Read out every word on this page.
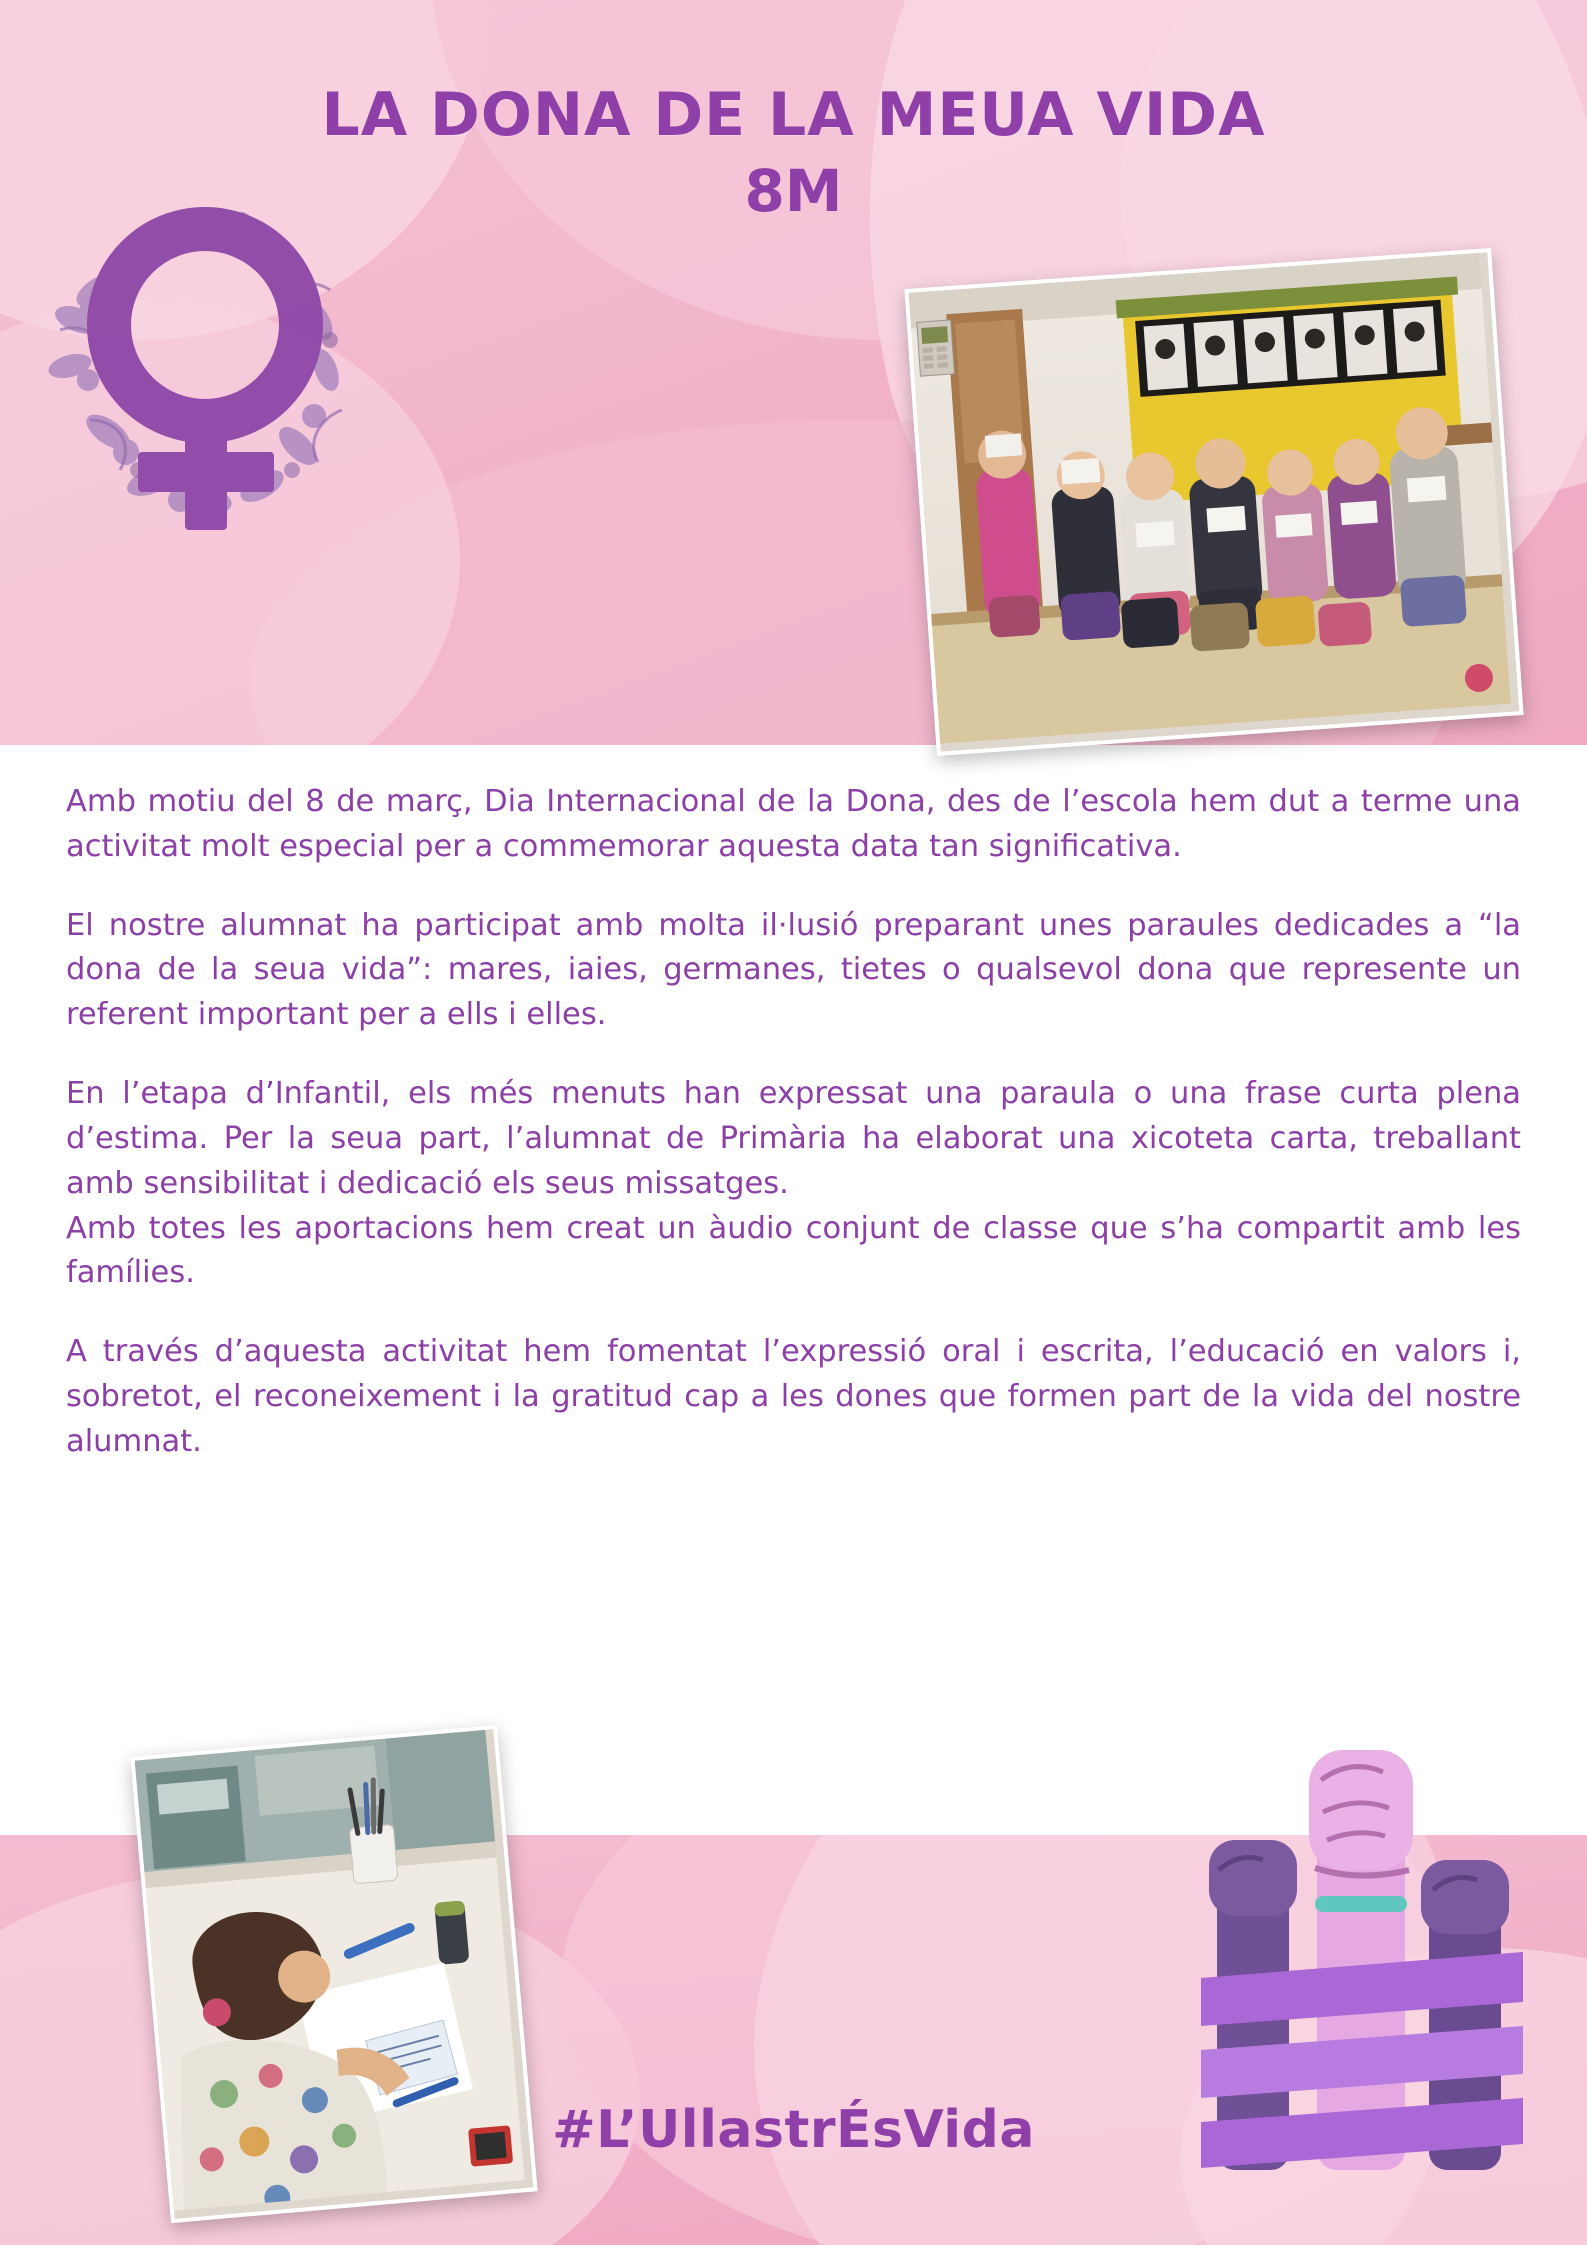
LA DONA DE LA MEUA VIDA
8M

Amb motiu del 8 de març, Dia Internacional de la Dona, des de l’escola hem dut a terme una activitat molt especial per a commemorar aquesta data tan significativa.

El nostre alumnat ha participat amb molta il·lusió preparant unes paraules dedicades a “la dona de la seua vida”: mares, iaies, germanes, tietes o qualsevol dona que represente un referent important per a ells i elles.

En l’etapa d’Infantil, els més menuts han expressat una paraula o una frase curta plena d’estima. Per la seua part, l’alumnat de Primària ha elaborat una xicoteta carta, treballant amb sensibilitat i dedicació els seus missatges.

Amb totes les aportacions hem creat un àudio conjunt de classe que s’ha compartit amb les famílies.

A través d’aquesta activitat hem fomentat l’expressió oral i escrita, l’educació en valors i, sobretot, el reconeixement i la gratitud cap a les dones que formen part de la vida del nostre alumnat.

#L’UllastrÉsVida
